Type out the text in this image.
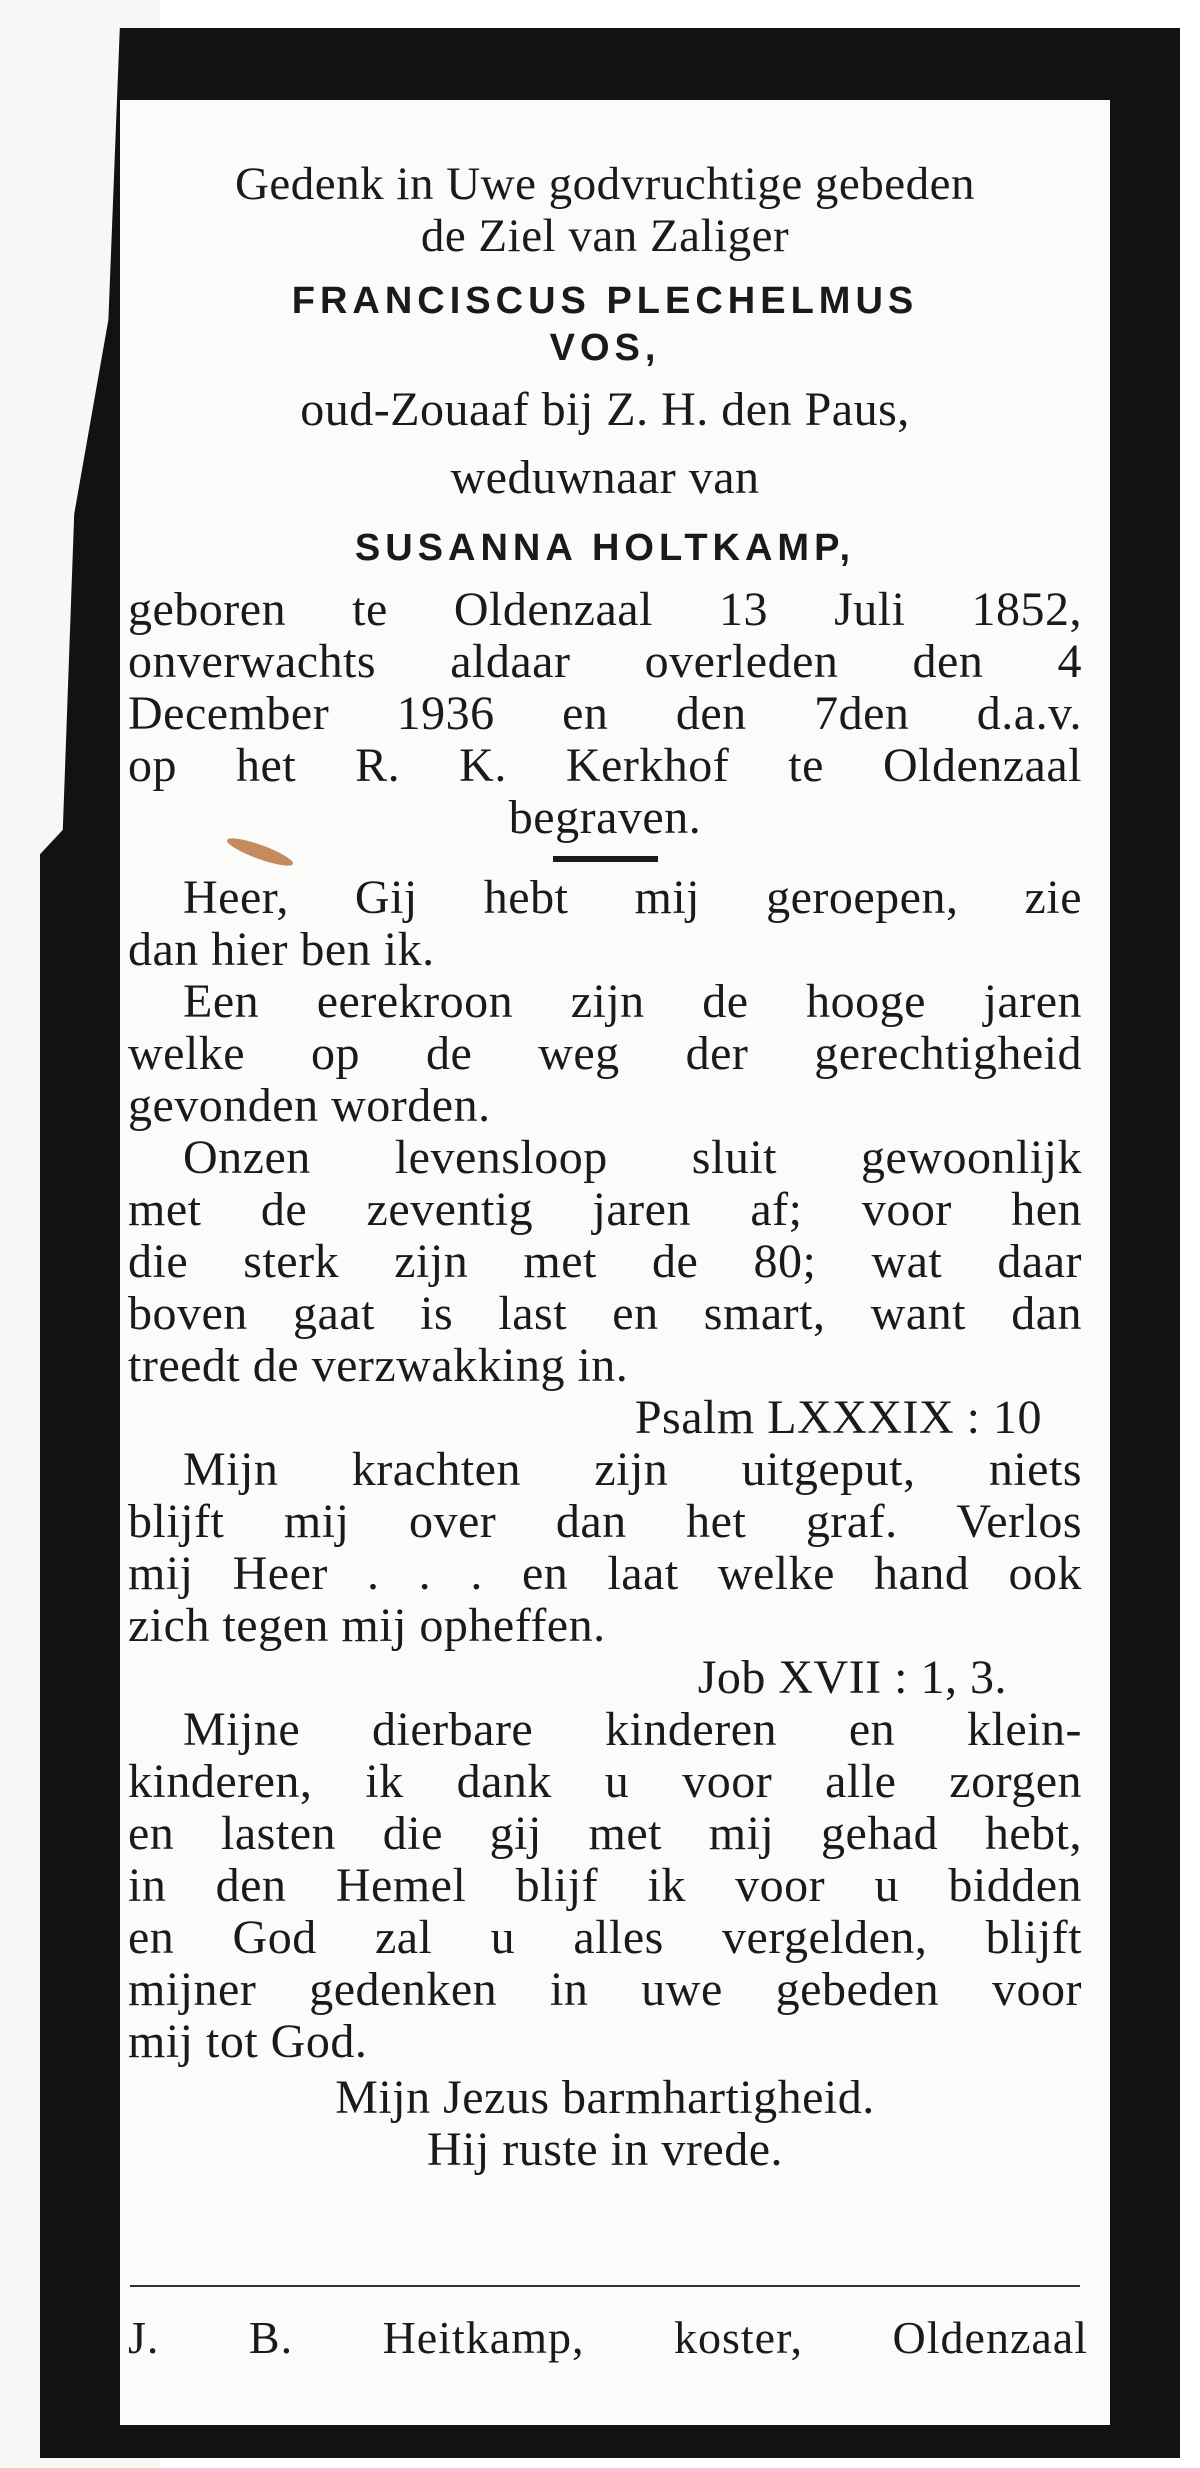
Gedenk in Uwe godvruchtige gebeden
de Ziel van Zaliger
FRANCISCUS PLECHELMUS
VOS,
oud-Zouaaf bij Z. H. den Paus,
weduwnaar van
SUSANNA HOLTKAMP,
geboren te Oldenzaal 13 Juli 1852,
onverwachts aldaar overleden den 4
December 1936 en den 7den d.a.v.
op het R. K. Kerkhof te Oldenzaal
begraven.
Heer, Gij hebt mij geroepen, zie
dan hier ben ik.
Een eerekroon zijn de hooge jaren
welke op de weg der gerechtigheid
gevonden worden.
Onzen levensloop sluit gewoonlijk
met de zeventig jaren af; voor hen
die sterk zijn met de 80; wat daar
boven gaat is last en smart, want dan
treedt de verzwakking in.
Psalm LXXXIX : 10
Mijn krachten zijn uitgeput, niets
blijft mij over dan het graf. Verlos
mij Heer . . . en laat welke hand ook
zich tegen mij opheffen.
Job XVII : 1, 3.
Mijne dierbare kinderen en klein-
kinderen, ik dank u voor alle zorgen
en lasten die gij met mij gehad hebt,
in den Hemel blijf ik voor u bidden
en God zal u alles vergelden, blijft
mijner gedenken in uwe gebeden voor
mij tot God.
Mijn Jezus barmhartigheid.
Hij ruste in vrede.
J. B. Heitkamp, koster, Oldenzaal
